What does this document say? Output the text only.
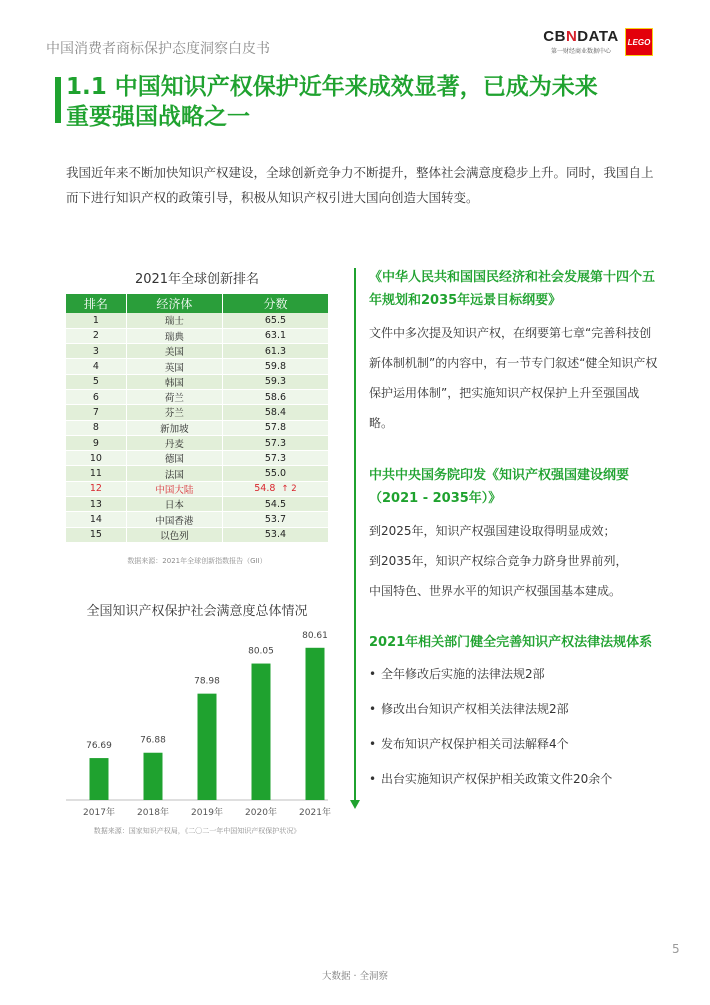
中国消费者商标保护态度洞察白皮书
CBNDATA
第一财经商业数据中心
LEGO
1.1 中国知识产权保护近年来成效显著，已成为未来
重要强国战略之一
我国近年来不断加快知识产权建设，全球创新竞争力不断提升，整体社会满意度稳步上升。同时，我国自上而下进行知识产权的政策引导，积极从知识产权引进大国向创造大国转变。
2021年全球创新排名
排名	经济体	分数
1	瑞士	65.5
2	瑞典	63.1
3	美国	61.3
4	英国	59.8
5	韩国	59.3
6	荷兰	58.6
7	芬兰	58.4
8	新加坡	57.8
9	丹麦	57.3
10	德国	57.3
11	法国	55.0
12	中国大陆	54.8 ↑ 2
13	日本	54.5
14	中国香港	53.7
15	以色列	53.4
数据来源：2021年全球创新指数报告（GII）
全国知识产权保护社会满意度总体情况
76.69
2017年
76.88
2018年
78.98
2019年
80.05
2020年
80.61
2021年
数据来源：国家知识产权局，《二〇二一年中国知识产权保护状况》
《中华人民共和国国民经济和社会发展第十四个五年规划和2035年远景目标纲要》
文件中多次提及知识产权，在纲要第七章“完善科技创新体制机制”的内容中，有一节专门叙述“健全知识产权保护运用体制”，把实施知识产权保护上升至强国战略。
中共中央国务院印发《知识产权强国建设纲要（2021 - 2035年）》
到2025年，知识产权强国建设取得明显成效；
到2035年，知识产权综合竞争力跻身世界前列，
中国特色、世界水平的知识产权强国基本建成。
2021年相关部门健全完善知识产权法律法规体系
• 全年修改后实施的法律法规2部
• 修改出台知识产权相关法律法规2部
• 发布知识产权保护相关司法解释4个
• 出台实施知识产权保护相关政策文件20余个
5
大数据 · 全洞察
